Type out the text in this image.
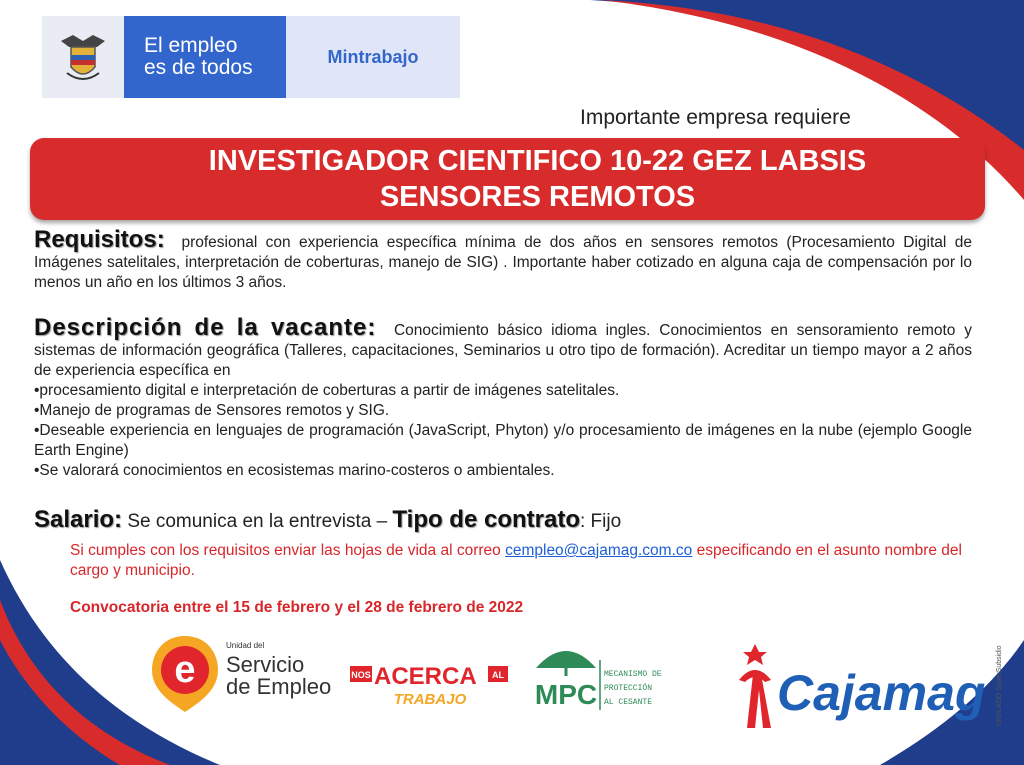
El empleo
es de todos	Mintrabajo
Importante empresa requiere
INVESTIGADOR CIENTIFICO 10-22 GEZ LABSIS
SENSORES REMOTOS
Requisitos: profesional con experiencia específica mínima de dos años en sensores remotos (Procesamiento Digital de Imágenes satelitales, interpretación de coberturas, manejo de SIG) . Importante haber cotizado en alguna caja de compensación por lo menos un año en los últimos 3 años.
Descripción de la vacante: Conocimiento básico idioma ingles. Conocimientos en sensoramiento remoto y sistemas de información geográfica (Talleres, capacitaciones, Seminarios u otro tipo de formación). Acreditar un tiempo mayor a 2 años de experiencia específica en
•procesamiento digital e interpretación de coberturas a partir de imágenes satelitales.
•Manejo de programas de Sensores remotos y SIG.
•Deseable experiencia en lenguajes de programación (JavaScript, Phyton) y/o procesamiento de imágenes en la nube (ejemplo Google Earth Engine)
•Se valorará conocimientos en ecosistemas marino-costeros o ambientales.
Salario: Se comunica en la entrevista – Tipo de contrato: Fijo
Si cumples con los requisitos enviar las hojas de vida al correo cempleo@cajamag.com.co especificando en el asunto nombre del cargo y municipio.
Convocatoria entre el 15 de febrero y el 28 de febrero de 2022
e
Unidad del
Servicio
de Empleo NOS ACERCA AL
TRABAJO MPC
MECANISMO DE
PROTECCIÓN
AL CESANTE Cajamag VIGILADO SuperSubsidio
